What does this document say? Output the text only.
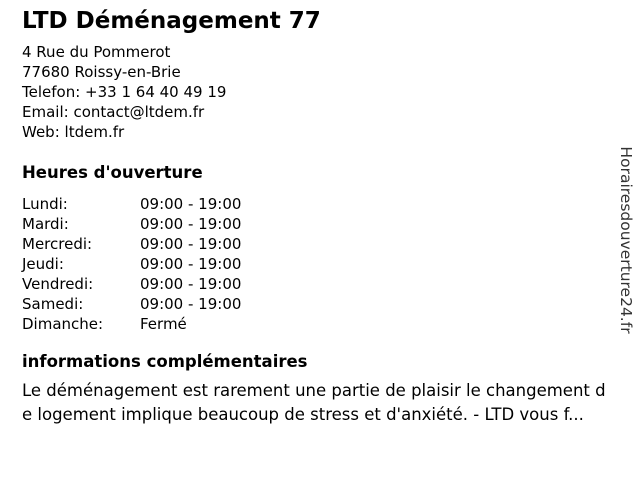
LTD Déménagement 77
4 Rue du Pommerot
77680 Roissy-en-Brie
Telefon: +33 1 64 40 49 19
Email: contact@ltdem.fr
Web: ltdem.fr
Heures d'ouverture
Lundi:	09:00 - 19:00
Mardi:	09:00 - 19:00
Mercredi:	09:00 - 19:00
Jeudi:	09:00 - 19:00
Vendredi:	09:00 - 19:00
Samedi:	09:00 - 19:00
Dimanche: Fermé
informations complémentaires
Le déménagement est rarement une partie de plaisir le changement d
e logement implique beaucoup de stress et d'anxiété. - LTD vous f...
Horairesdouverture24.fr
